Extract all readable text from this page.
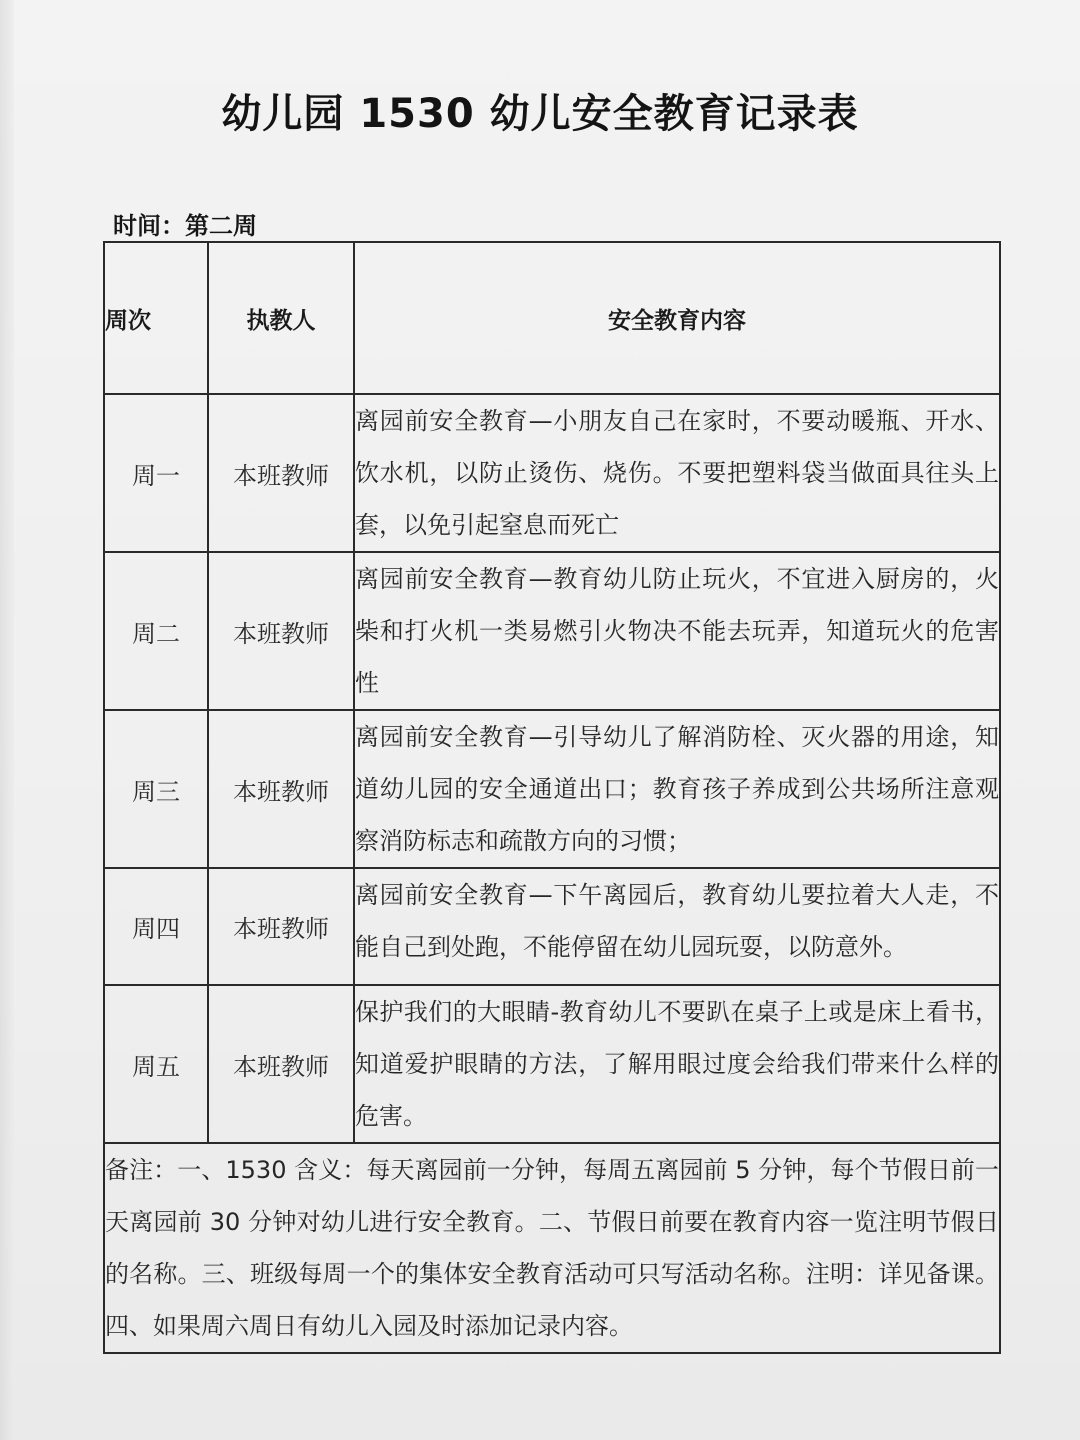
幼儿园 1530 幼儿安全教育记录表
时间：第二周
周次	执教人	安全教育内容
周一	本班教师	离园前安全教育—小朋友自己在家时，不要动暖瓶、开水、饮水机，以防止烫伤、烧伤。不要把塑料袋当做面具往头上套，以免引起窒息而死亡
周二	本班教师	离园前安全教育—教育幼儿防止玩火，不宜进入厨房的，火柴和打火机一类易燃引火物决不能去玩弄，知道玩火的危害性
周三	本班教师	离园前安全教育—引导幼儿了解消防栓、灭火器的用途，知道幼儿园的安全通道出口；教育孩子养成到公共场所注意观察消防标志和疏散方向的习惯；
周四	本班教师	离园前安全教育—下午离园后，教育幼儿要拉着大人走，不能自己到处跑，不能停留在幼儿园玩耍，以防意外。
周五	本班教师	保护我们的大眼睛-教育幼儿不要趴在桌子上或是床上看书，知道爱护眼睛的方法，了解用眼过度会给我们带来什么样的危害。
备注：一、1530 含义：每天离园前一分钟，每周五离园前 5 分钟，每个节假日前一天离园前 30 分钟对幼儿进行安全教育。二、节假日前要在教育内容一览注明节假日的名称。三、班级每周一个的集体安全教育活动可只写活动名称。注明：详见备课。四、如果周六周日有幼儿入园及时添加记录内容。		
